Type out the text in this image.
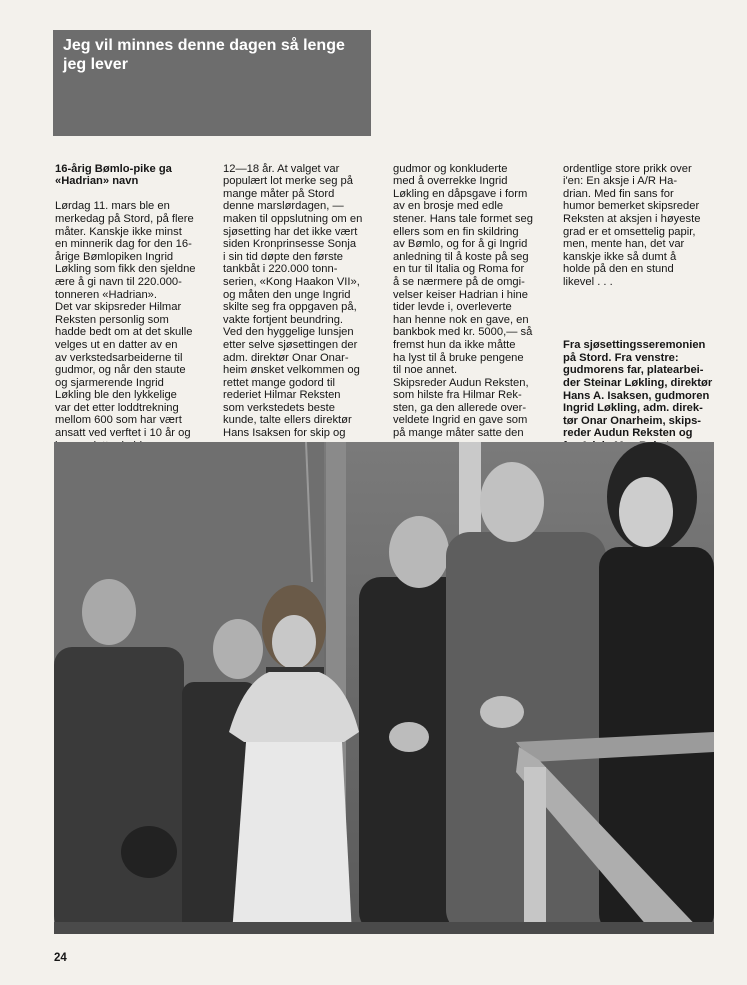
Jeg vil minnes denne dagen så lenge
jeg lever

16-årig Bømlo-pike ga
«Hadrian» navn

Lørdag 11. mars ble en
merkedag på Stord, på flere
måter. Kanskje ikke minst
en minnerik dag for den 16-
årige Bømlopiken Ingrid
Løkling som fikk den sjeldne
ære å gi navn til 220.000-
tonneren «Hadrian».
Det var skipsreder Hilmar
Reksten personlig som
hadde bedt om at det skulle
velges ut en datter av en
av verkstedsarbeiderne til
gudmor, og når den staute
og sjarmerende Ingrid
Løkling ble den lykkelige
var det etter loddtrekning
mellom 600 som har vært
ansatt ved verftet i 10 år og

12—18 år. At valget var
populært lot merke seg på
mange måter på Stord
denne marslørdagen, —
maken til oppslutning om en
sjøsetting har det ikke vært
siden Kronprinsesse Sonja
i sin tid døpte den første
tankbåt i 220.000 tonn-
serien, «Kong Haakon VII»,
og måten den unge Ingrid
skilte seg fra oppgaven på,
vakte fortjent beundring.
Ved den hyggelige lunsjen
etter selve sjøsettingen der
adm. direktør Onar Onar-
heim ønsket velkommen og
rettet mange godord til
rederiet Hilmar Reksten
som verkstedets beste
kunde, talte ellers direktør
Hans Isaksen for skip og

gudmor og konkluderte
med å overrekke Ingrid
Løkling en dåpsgave i form
av en brosje med edle
stener. Hans tale formet seg
ellers som en fin skildring
av Bømlo, og for å gi Ingrid
anledning til å koste på seg
en tur til Italia og Roma for
å se nærmere på de omgi-
velser keiser Hadrian i hine
tider levde i, overleverte
han henne nok en gave, en
bankbok med kr. 5000,— så
fremst hun da ikke måtte
ha lyst til å bruke pengene
til noe annet.
Skipsreder Audun Reksten,
som hilste fra Hilmar Rek-
sten, ga den allerede over-
veldete Ingrid en gave som
på mange måter satte den

ordentlige store prikk over
i'en: En aksje i A/R Ha-
drian. Med fin sans for
humor bemerket skipsreder
Reksten at aksjen i høyeste
grad er et omsettelig papir,
men, mente han, det var
kanskje ikke så dumt å
holde på den en stund
likevel . . .

Fra sjøsettingsseremonien
på Stord. Fra venstre:
gudmorens far, platearbei-
der Steinar Løkling, direktør
Hans A. Isaksen, gudmoren
Ingrid Løkling, adm. direk-
tør Onar Onarheim, skips-
reder Audun Reksten og

24
